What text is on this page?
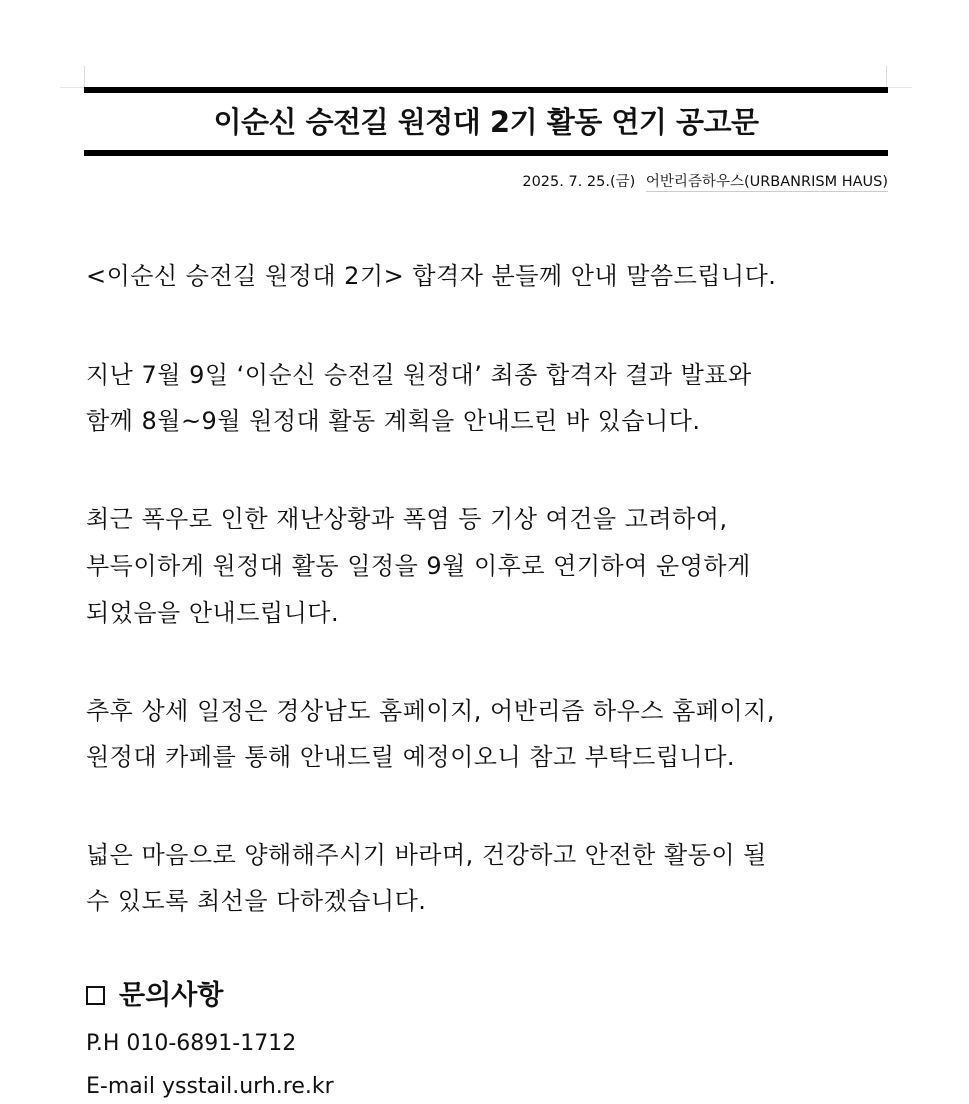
이순신 승전길 원정대 2기 활동 연기 공고문
2025. 7. 25.(금) 어반리즘하우스(URBANRISM HAUS)
<이순신 승전길 원정대 2기> 합격자 분들께 안내 말씀드립니다.
지난 7월 9일 ‘이순신 승전길 원정대’ 최종 합격자 결과 발표와
함께 8월~9월 원정대 활동 계획을 안내드린 바 있습니다.
최근 폭우로 인한 재난상황과 폭염 등 기상 여건을 고려하여,
부득이하게 원정대 활동 일정을 9월 이후로 연기하여 운영하게
되었음을 안내드립니다.
추후 상세 일정은 경상남도 홈페이지, 어반리즘 하우스 홈페이지,
원정대 카페를 통해 안내드릴 예정이오니 참고 부탁드립니다.
넓은 마음으로 양해해주시기 바라며, 건강하고 안전한 활동이 될
수 있도록 최선을 다하겠습니다.
문의사항
P.H 010-6891-1712
E-mail ysstail.urh.re.kr
